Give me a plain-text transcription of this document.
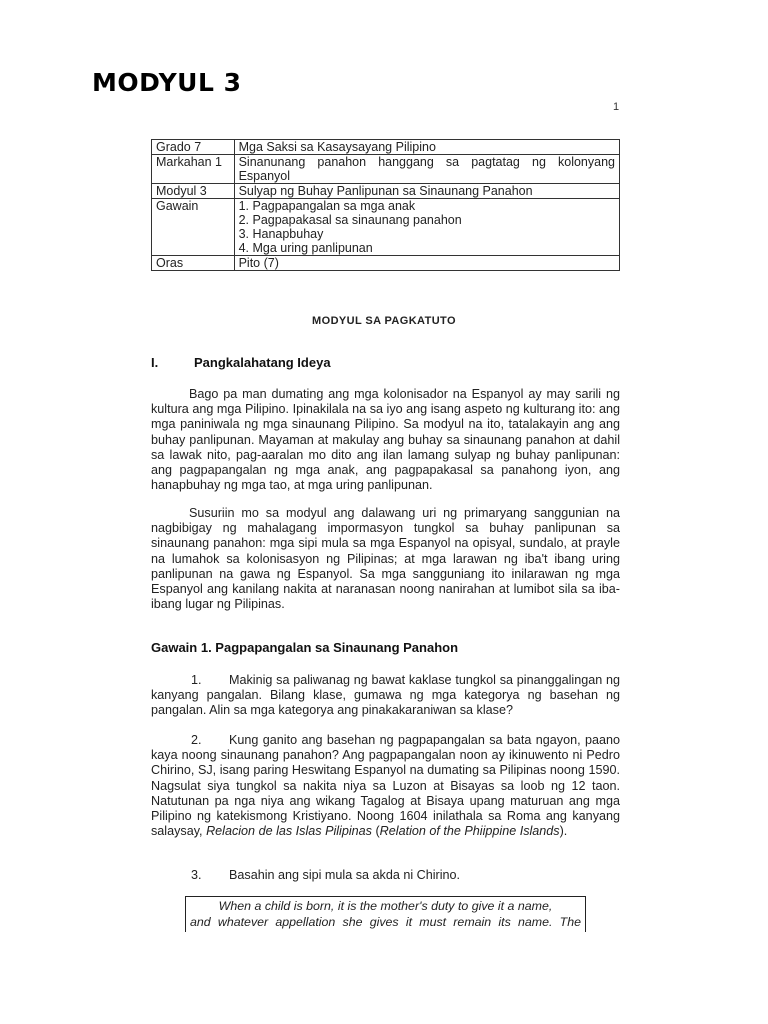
MODYUL 3
1
Grado 7	Mga Saksi sa Kasaysayang Pilipino

Markahan 1	Sinanunang panahon hanggang sa pagtatag ng kolonyang
Espanyol

Modyul 3	Sulyap ng Buhay Panlipunan sa Sinaunang Panahon

Gawain	1. Pagpapangalan sa mga anak
2. Pagpapakasal sa sinaunang panahon
3. Hanapbuhay
4. Mga uring panlipunan

Oras	Pito (7)
MODYUL SA PAGKATUTO
I.	Pangkalahatang Ideya

Bago pa man dumating ang mga kolonisador na Espanyol ay may sarili ng kultura ang mga Pilipino. Ipinakilala na sa iyo ang isang aspeto ng kulturang ito: ang mga paniniwala ng mga sinaunang Pilipino. Sa modyul na ito, tatalakayin ang ang buhay panlipunan. Mayaman at makulay ang buhay sa sinaunang panahon at dahil sa lawak nito, pag-aaralan mo dito ang ilan lamang sulyap ng buhay panlipunan: ang pagpapangalan ng mga anak, ang pagpapakasal sa panahong iyon, ang hanapbuhay ng mga tao, at mga uring panlipunan.

Susuriin mo sa modyul ang dalawang uri ng primaryang sanggunian na nagbibigay ng mahalagang impormasyon tungkol sa buhay panlipunan sa sinaunang panahon: mga sipi mula sa mga Espanyol na opisyal, sundalo, at prayle na lumahok sa kolonisasyon ng Pilipinas; at mga larawan ng iba't ibang uring panlipunan na gawa ng Espanyol. Sa mga sangguniang ito inilarawan ng mga Espanyol ang kanilang nakita at naranasan noong nanirahan at lumibot sila sa iba-ibang lugar ng Pilipinas.

Gawain 1. Pagpapangalan sa Sinaunang Panahon

1. Makinig sa paliwanag ng bawat kaklase tungkol sa pinanggalingan ng kanyang pangalan. Bilang klase, gumawa ng mga kategorya ng basehan ng pangalan. Alin sa mga kategorya ang pinakakaraniwan sa klase?

2. Kung ganito ang basehan ng pagpapangalan sa bata ngayon, paano kaya noong sinaunang panahon? Ang pagpapangalan noon ay ikinuwento ni Pedro Chirino, SJ, isang paring Heswitang Espanyol na dumating sa Pilipinas noong 1590. Nagsulat siya tungkol sa nakita niya sa Luzon at Bisayas sa loob ng 12 taon. Natutunan pa nga niya ang wikang Tagalog at Bisaya upang maturuan ang mga Pilipino ng katekismong Kristiyano. Noong 1604 inilathala sa Roma ang kanyang salaysay, Relacion de las Islas Pilipinas (Relation of the Phiippine Islands).

3. Basahin ang sipi mula sa akda ni Chirino.

When a child is born, it is the mother's duty to give it a name,
and whatever appellation she gives it must remain its name. The
